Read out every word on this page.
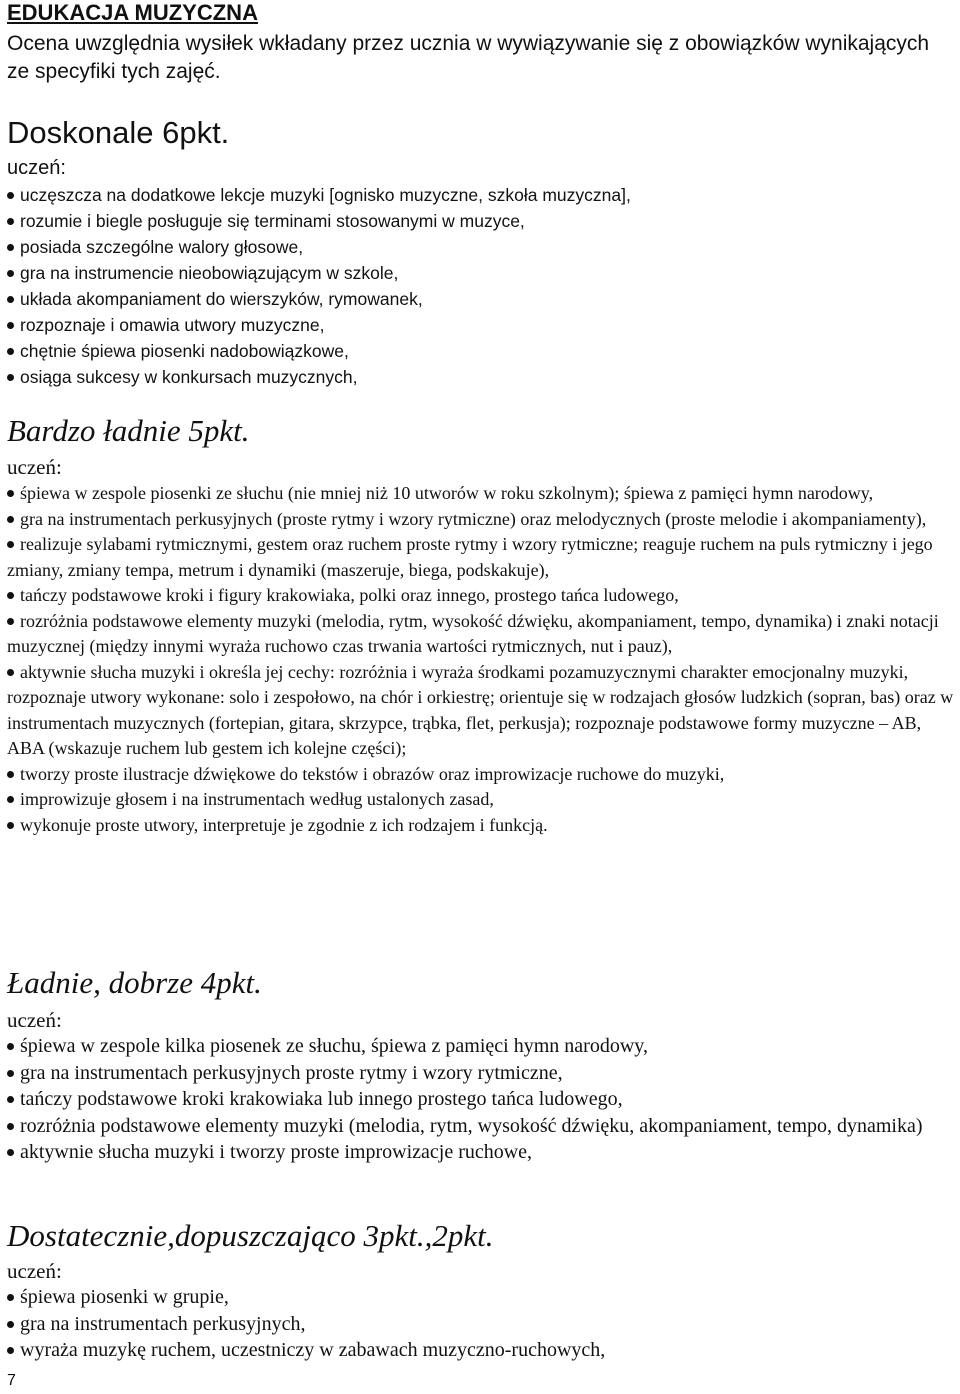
EDUKACJA MUZYCZNA
Ocena uwzględnia wysiłek wkładany przez ucznia w wywiązywanie się z obowiązków wynikających ze specyfiki tych zajęć.
Doskonale 6pkt.
uczeń:
uczęszcza na dodatkowe lekcje muzyki [ognisko muzyczne, szkoła muzyczna],
rozumie i biegle posługuje się terminami stosowanymi w muzyce,
posiada szczególne walory głosowe,
gra na instrumencie nieobowiązującym w szkole,
układa akompaniament do wierszyków, rymowanek,
rozpoznaje i omawia utwory muzyczne,
chętnie śpiewa piosenki nadobowiązkowe,
osiąga sukcesy w konkursach muzycznych,
Bardzo ładnie 5pkt.
uczeń:
śpiewa w zespole piosenki ze słuchu (nie mniej niż 10 utworów w roku szkolnym); śpiewa z pamięci hymn narodowy,
gra na instrumentach perkusyjnych (proste rytmy i wzory rytmiczne) oraz melodycznych (proste melodie i akompaniamenty),
realizuje sylabami rytmicznymi, gestem oraz ruchem proste rytmy i wzory rytmiczne; reaguje ruchem na puls rytmiczny i jego zmiany, zmiany tempa, metrum i dynamiki (maszeruje, biega, podskakuje),
tańczy podstawowe kroki i figury krakowiaka, polki oraz innego, prostego tańca ludowego,
rozróżnia podstawowe elementy muzyki (melodia, rytm, wysokość dźwięku, akompaniament, tempo, dynamika) i znaki notacji muzycznej (między innymi wyraża ruchowo czas trwania wartości rytmicznych, nut i pauz),
aktywnie słucha muzyki i określa jej cechy: rozróżnia i wyraża środkami pozamuzycznymi charakter emocjonalny muzyki, rozpoznaje utwory wykonane: solo i zespołowo, na chór i orkiestrę; orientuje się w rodzajach głosów ludzkich (sopran, bas) oraz w instrumentach muzycznych (fortepian, gitara, skrzypce, trąbka, flet, perkusja); rozpoznaje podstawowe formy muzyczne – AB, ABA (wskazuje ruchem lub gestem ich kolejne części);
tworzy proste ilustracje dźwiękowe do tekstów i obrazów oraz improwizacje ruchowe do muzyki,
improwizuje głosem i na instrumentach według ustalonych zasad,
wykonuje proste utwory, interpretuje je zgodnie z ich rodzajem i funkcją.
Ładnie, dobrze 4pkt.
uczeń:
śpiewa w zespole kilka piosenek ze słuchu, śpiewa z pamięci hymn narodowy,
gra na instrumentach perkusyjnych proste rytmy i wzory rytmiczne,
tańczy podstawowe kroki krakowiaka lub innego prostego tańca ludowego,
rozróżnia podstawowe elementy muzyki (melodia, rytm, wysokość dźwięku, akompaniament, tempo, dynamika)
aktywnie słucha muzyki i tworzy proste improwizacje ruchowe,
Dostatecznie,dopuszczająco 3pkt.,2pkt.
uczeń:
śpiewa piosenki w grupie,
gra na instrumentach perkusyjnych,
wyraża muzykę ruchem, uczestniczy w zabawach muzyczno-ruchowych,
7
